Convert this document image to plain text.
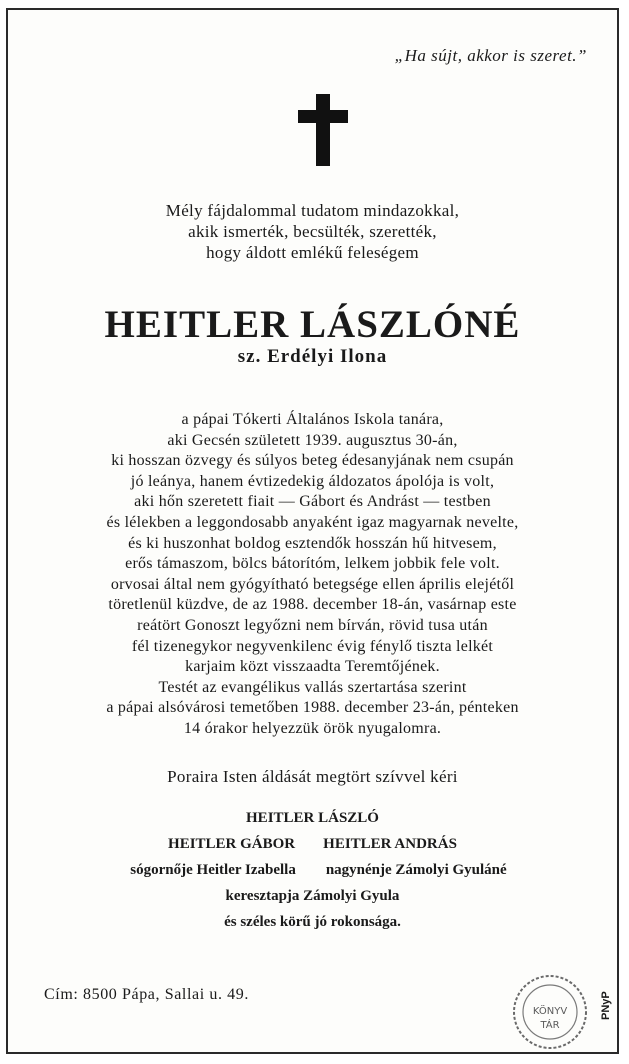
„Ha sújt, akkor is szeret.”
Mély fájdalommal tudatom mindazokkal,
akik ismerték, becsülték, szerették,
hogy áldott emlékű feleségem
HEITLER LÁSZLÓNÉ
sz. Erdélyi Ilona
a pápai Tókerti Általános Iskola tanára,
aki Gecsén született 1939. augusztus 30-án,
ki hosszan özvegy és súlyos beteg édesanyjának nem csupán
jó leánya, hanem évtizedekig áldozatos ápolója is volt,
aki hőn szeretett fiait — Gábort és Andrást — testben
és lélekben a leggondosabb anyaként igaz magyarnak nevelte,
és ki huszonhat boldog esztendők hosszán hű hitvesem,
erős támaszom, bölcs bátorítóm, lelkem jobbik fele volt.
orvosai által nem gyógyítható betegsége ellen április elejétől
töretlenül küzdve, de az 1988. december 18-án, vasárnap este
reátört Gonoszt legyőzni nem bírván, rövid tusa után
fél tizenegykor negyvenkilenc évig fénylő tiszta lelkét
karjaim közt visszaadta Teremtőjének.
Testét az evangélikus vallás szertartása szerint
a pápai alsóvárosi temetőben 1988. december 23-án, pénteken
14 órakor helyezzük örök nyugalomra.
Poraira Isten áldását megtört szívvel kéri
HEITLER LÁSZLÓ
HEITLER GÁBOR HEITLER ANDRÁS
sógornője Heitler Izabella nagynénje Zámolyi Gyuláné
keresztapja Zámolyi Gyula
és széles körű jó rokonsága.
Cím: 8500 Pápa, Sallai u. 49.
KÖNYV
TÁR
PNyP
